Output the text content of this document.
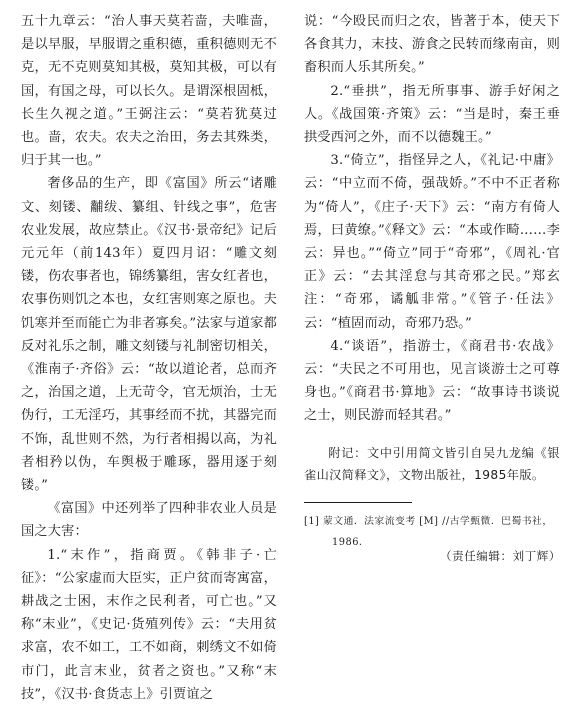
五十九章云：“治人事天莫若啬，夫唯啬，是以早服，早服谓之重积德，重积德则无不克，无不克则莫知其极，莫知其极，可以有国，有国之母，可以长久。是谓深根固柢，长生久视之道。”王弼注云：“莫若犹莫过也。啬，农夫。农夫之治田，务去其殊类，归于其一也。”

奢侈品的生产，即《富国》所云“诸雕文、刻镂、黼绂、纂组、针线之事”，危害农业发展，故应禁止。《汉书·景帝纪》记后元元年（前143年）夏四月诏：“雕文刻镂，伤农事者也，锦绣纂组，害女红者也，农事伤则饥之本也，女红害则寒之原也。夫饥寒并至而能亡为非者寡矣。”法家与道家都反对礼乐之制，雕文刻镂与礼制密切相关，《淮南子·齐俗》云：“故以道论者，总而齐之，治国之道，上无苛令，官无烦治，士无伪行，工无淫巧，其事经而不扰，其器完而不饰，乱世则不然，为行者相揭以高，为礼者相矜以伪，车舆极于雕琢，器用逐于刻镂。”

《富国》中还列举了四种非农业人员是国之大害：

1.“末作”，指商贾。《韩非子·亡征》：“公家虚而大臣实，正户贫而寄寓富，耕战之士困，末作之民利者，可亡也。”又称“末业”，《史记·货殖列传》云：“夫用贫求富，农不如工，工不如商，刺绣文不如倚市门，此言末业，贫者之资也。”又称“末技”，《汉书·食货志上》引贾谊之

说：“今殴民而归之农，皆著于本，使天下各食其力，末技、游食之民转而缘南亩，则畜积而人乐其所矣。”

2.“垂拱”，指无所事事、游手好闲之人。《战国策·齐策》云：“当是时，秦王垂拱受西河之外，而不以德魏王。”

3.“倚立”，指怪异之人，《礼记·中庸》云：“中立而不倚，强哉娇。”不中不正者称为“倚人”，《庄子·天下》云：“南方有倚人焉，曰黄缭。”《释文》云：“本或作畸……李云：异也。”“倚立”同于“奇邪”，《周礼·官正》云：“去其淫怠与其奇邪之民。”郑玄注：“奇邪，谲觚非常。”《管子·任法》云：“植固而动，奇邪乃恐。”

4.“谈语”，指游士，《商君书·农战》云：“夫民之不可用也，见言谈游士之可尊身也。”《商君书·算地》云：“故事诗书谈说之士，则民游而轻其君。”

附记：文中引用简文皆引自吴九龙编《银雀山汉简释文》，文物出版社，1985年版。

[1] 蒙文通．法家流变考 [M] //古学甄微．巴蜀书社，
1986.
（责任编辑：刘丁辉）
